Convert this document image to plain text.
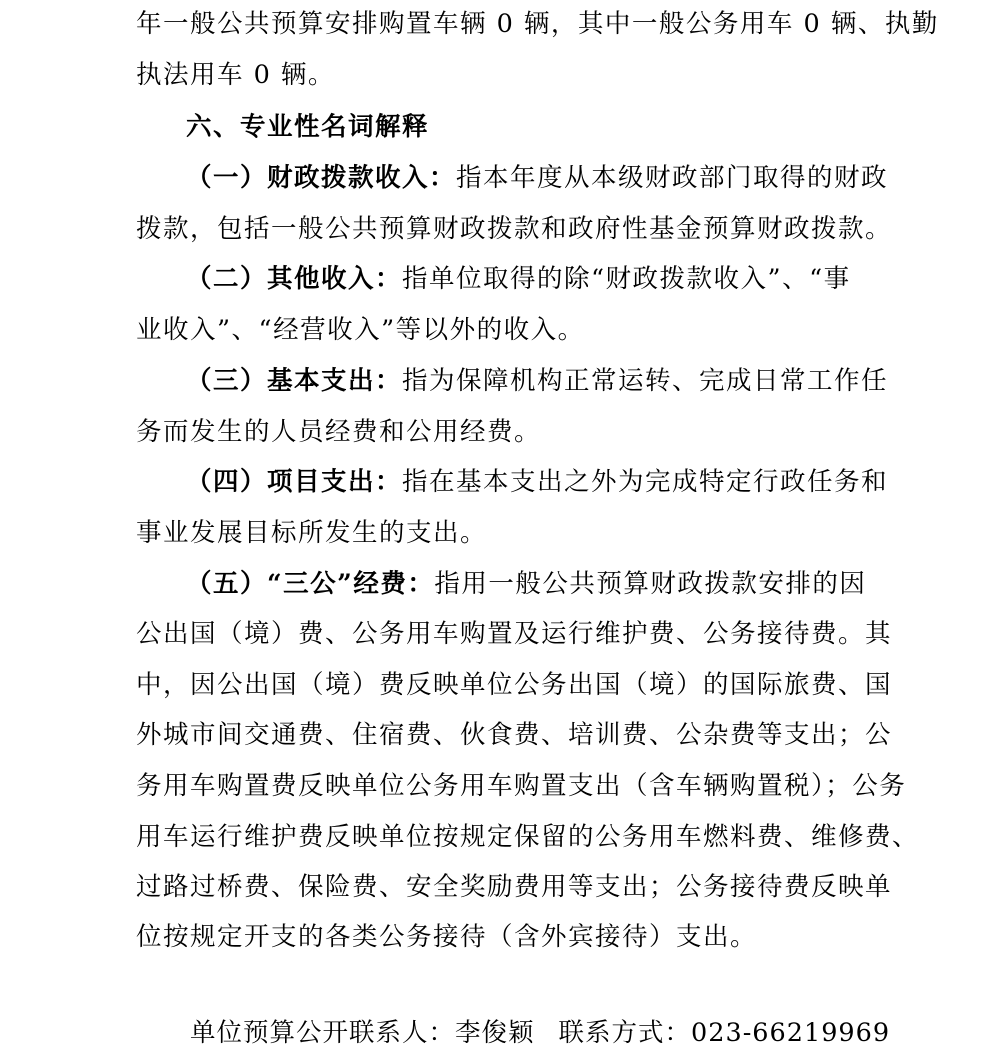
年一般公共预算安排购置车辆 0 辆，其中一般公务用车 0 辆、执勤
执法用车 0 辆。
六、专业性名词解释
（一）财政拨款收入：指本年度从本级财政部门取得的财政
拨款，包括一般公共预算财政拨款和政府性基金预算财政拨款。
（二）其他收入：指单位取得的除“财政拨款收入”、“事
业收入”、“经营收入”等以外的收入。
（三）基本支出：指为保障机构正常运转、完成日常工作任
务而发生的人员经费和公用经费。
（四）项目支出：指在基本支出之外为完成特定行政任务和
事业发展目标所发生的支出。
（五）“三公”经费：指用一般公共预算财政拨款安排的因
公出国（境）费、公务用车购置及运行维护费、公务接待费。其
中，因公出国（境）费反映单位公务出国（境）的国际旅费、国
外城市间交通费、住宿费、伙食费、培训费、公杂费等支出；公
务用车购置费反映单位公务用车购置支出（含车辆购置税）；公务
用车运行维护费反映单位按规定保留的公务用车燃料费、维修费、
过路过桥费、保险费、安全奖励费用等支出；公务接待费反映单
位按规定开支的各类公务接待（含外宾接待）支出。
单位预算公开联系人：李俊颖 联系方式：023-66219969
